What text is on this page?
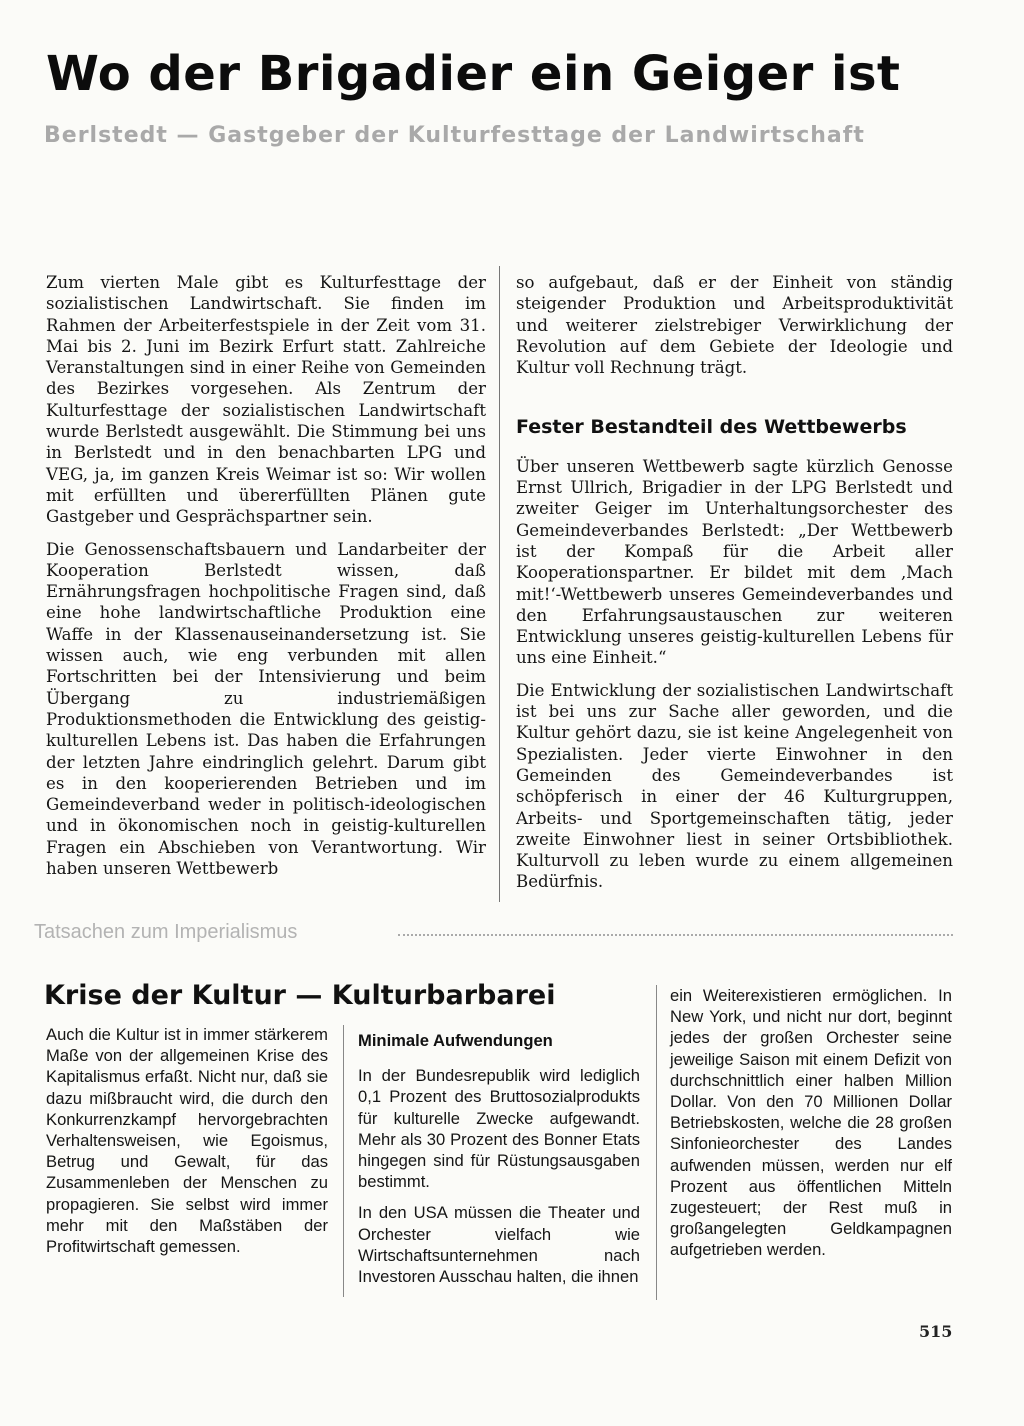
Wo der Brigadier ein Geiger ist
Berlstedt — Gastgeber der Kulturfesttage der Landwirtschaft

Zum vierten Male gibt es Kulturfesttage der sozialistischen Landwirtschaft. Sie finden im Rahmen der Arbeiterfestspiele in der Zeit vom 31. Mai bis 2. Juni im Bezirk Erfurt statt. Zahlreiche Veranstaltungen sind in einer Reihe von Gemeinden des Bezirkes vorgesehen. Als Zentrum der Kulturfesttage der sozialistischen Landwirtschaft wurde Berlstedt ausgewählt. Die Stimmung bei uns in Berlstedt und in den benachbarten LPG und VEG, ja, im ganzen Kreis Weimar ist so: Wir wollen mit erfüllten und übererfüllten Plänen gute Gastgeber und Gesprächspartner sein.

Die Genossenschaftsbauern und Landarbeiter der Kooperation Berlstedt wissen, daß Ernährungsfragen hochpolitische Fragen sind, daß eine hohe landwirtschaftliche Produktion eine Waffe in der Klassenauseinandersetzung ist. Sie wissen auch, wie eng verbunden mit allen Fortschritten bei der Intensivierung und beim Übergang zu industriemäßigen Produktionsmethoden die Entwicklung des geistig-kulturellen Lebens ist. Das haben die Erfahrungen der letzten Jahre eindringlich gelehrt. Darum gibt es in den kooperierenden Betrieben und im Gemeindeverband weder in politisch-ideologischen und in ökonomischen noch in geistig-kulturellen Fragen ein Abschieben von Verantwortung. Wir haben unseren Wettbewerb

so aufgebaut, daß er der Einheit von ständig steigender Produktion und Arbeitsproduktivität und weiterer zielstrebiger Verwirklichung der Revolution auf dem Gebiete der Ideologie und Kultur voll Rechnung trägt.

Fester Bestandteil des Wettbewerbs

Über unseren Wettbewerb sagte kürzlich Genosse Ernst Ullrich, Brigadier in der LPG Berlstedt und zweiter Geiger im Unterhaltungsorchester des Gemeindeverbandes Berlstedt: „Der Wettbewerb ist der Kompaß für die Arbeit aller Kooperationspartner. Er bildet mit dem ‚Mach mit!‘-Wettbewerb unseres Gemeindeverbandes und den Erfahrungsaustauschen zur weiteren Entwicklung unseres geistig-kulturellen Lebens für uns eine Einheit.“

Die Entwicklung der sozialistischen Landwirtschaft ist bei uns zur Sache aller geworden, und die Kultur gehört dazu, sie ist keine Angelegenheit von Spezialisten. Jeder vierte Einwohner in den Gemeinden des Gemeindeverbandes ist schöpferisch in einer der 46 Kulturgruppen, Arbeits- und Sportgemeinschaften tätig, jeder zweite Einwohner liest in seiner Ortsbibliothek. Kulturvoll zu leben wurde zu einem allgemeinen Bedürfnis.

Tatsachen zum Imperialismus
Krise der Kultur — Kulturbarbarei

Auch die Kultur ist in immer stärkerem Maße von der allgemeinen Krise des Kapitalismus erfaßt. Nicht nur, daß sie dazu mißbraucht wird, die durch den Konkurrenzkampf hervorgebrachten Verhaltensweisen, wie Egoismus, Betrug und Gewalt, für das Zusammenleben der Menschen zu propagieren. Sie selbst wird immer mehr mit den Maßstäben der Profitwirtschaft gemessen.

Minimale Aufwendungen

In der Bundesrepublik wird lediglich 0,1 Prozent des Bruttosozialprodukts für kulturelle Zwecke aufgewandt. Mehr als 30 Prozent des Bonner Etats hingegen sind für Rüstungsausgaben bestimmt.

In den USA müssen die Theater und Orchester vielfach wie Wirtschaftsunternehmen nach Investoren Ausschau halten, die ihnen

ein Weiterexistieren ermöglichen. In New York, und nicht nur dort, beginnt jedes der großen Orchester seine jeweilige Saison mit einem Defizit von durchschnittlich einer halben Million Dollar. Von den 70 Millionen Dollar Betriebskosten, welche die 28 großen Sinfonieorchester des Landes aufwenden müssen, werden nur elf Prozent aus öffentlichen Mitteln zugesteuert; der Rest muß in großangelegten Geldkampagnen aufgetrieben werden.

515
